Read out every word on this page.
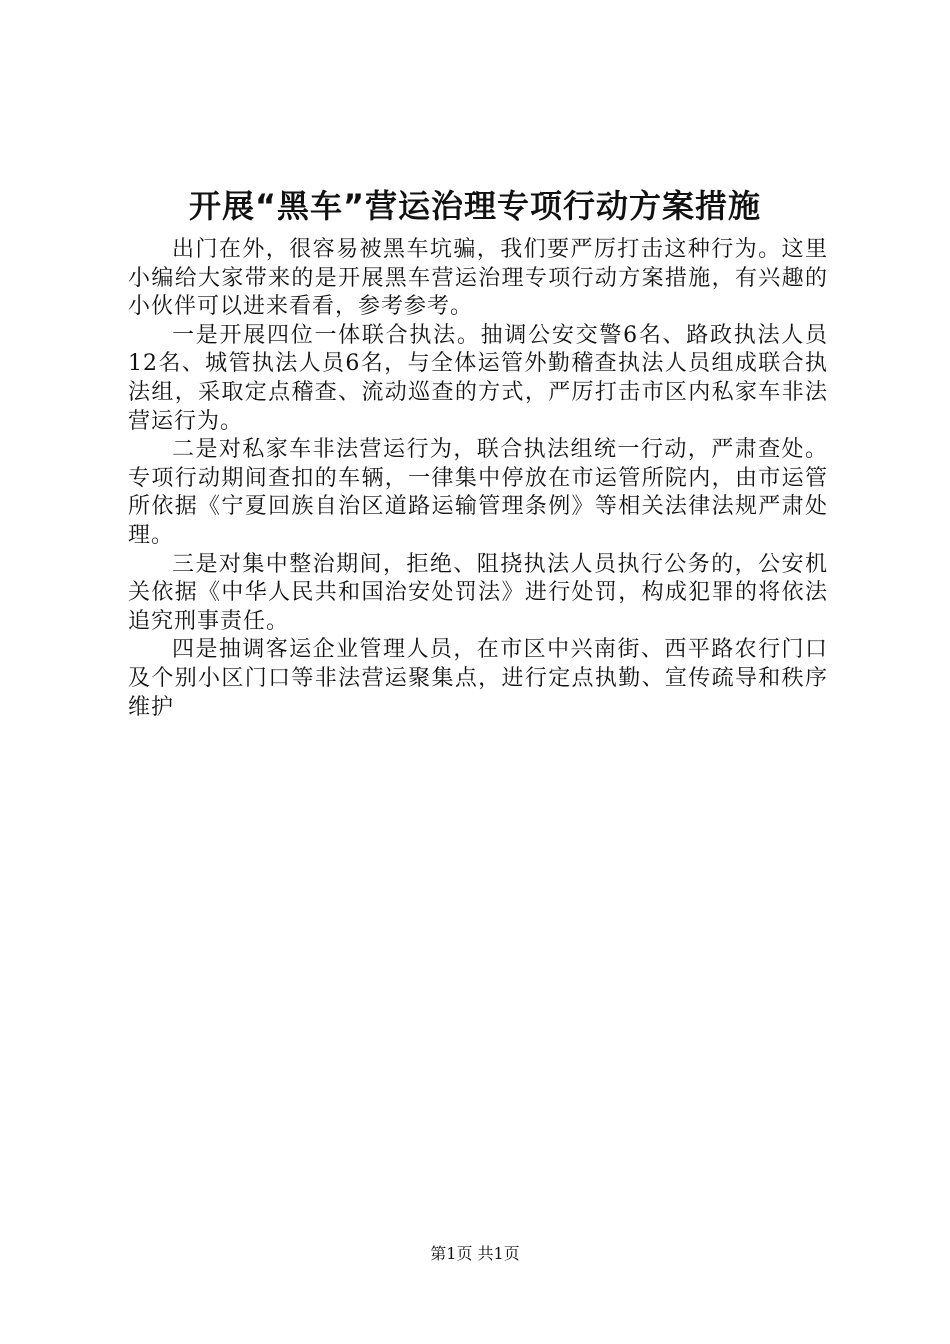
开展“黑车”营运治理专项行动方案措施

出门在外，很容易被黑车坑骗，我们要严厉打击这种行为。这里小编给大家带来的是开展黑车营运治理专项行动方案措施，有兴趣的小伙伴可以进来看看，参考参考。

一是开展四位一体联合执法。抽调公安交警6名、路政执法人员12名、城管执法人员6名，与全体运管外勤稽查执法人员组成联合执法组，采取定点稽查、流动巡查的方式，严厉打击市区内私家车非法营运行为。

二是对私家车非法营运行为，联合执法组统一行动，严肃查处。专项行动期间查扣的车辆，一律集中停放在市运管所院内，由市运管所依据《宁夏回族自治区道路运输管理条例》等相关法律法规严肃处理。

三是对集中整治期间，拒绝、阻挠执法人员执行公务的，公安机关依据《中华人民共和国治安处罚法》进行处罚，构成犯罪的将依法追究刑事责任。

四是抽调客运企业管理人员，在市区中兴南街、西平路农行门口及个别小区门口等非法营运聚集点，进行定点执勤、宣传疏导和秩序维护

第1页 共1页
